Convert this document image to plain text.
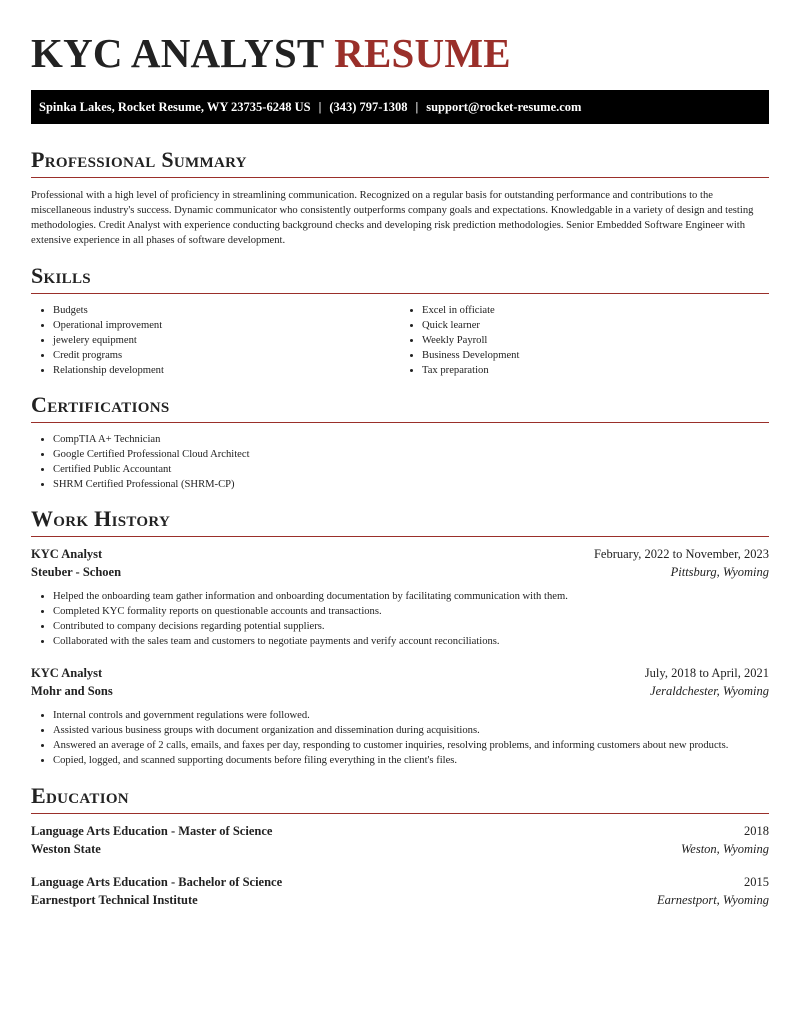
KYC ANALYST RESUME
Spinka Lakes, Rocket Resume, WY 23735-6248 US | (343) 797-1308 | support@rocket-resume.com
Professional Summary

Professional with a high level of proficiency in streamlining communication. Recognized on a regular basis for outstanding performance and contributions to the miscellaneous industry's success. Dynamic communicator who consistently outperforms company goals and expectations. Knowledgable in a variety of design and testing methodologies. Credit Analyst with experience conducting background checks and developing risk prediction methodologies. Senior Embedded Software Engineer with extensive experience in all phases of software development.

Skills
• Budgets
• Operational improvement
• jewelery equipment
• Credit programs
• Relationship development
• Excel in officiate
• Quick learner
• Weekly Payroll
• Business Development
• Tax preparation
Certifications
• CompTIA A+ Technician
• Google Certified Professional Cloud Architect
• Certified Public Accountant
• SHRM Certified Professional (SHRM-CP)
Work History
KYC Analyst	February, 2022 to November, 2023
Steuber - Schoen	Pittsburg, Wyoming
• Helped the onboarding team gather information and onboarding documentation by facilitating communication with them.
• Completed KYC formality reports on questionable accounts and transactions.
• Contributed to company decisions regarding potential suppliers.
• Collaborated with the sales team and customers to negotiate payments and verify account reconciliations.
KYC Analyst	July, 2018 to April, 2021
Mohr and Sons	Jeraldchester, Wyoming
• Internal controls and government regulations were followed.
• Assisted various business groups with document organization and dissemination during acquisitions.
• Answered an average of 2 calls, emails, and faxes per day, responding to customer inquiries, resolving problems, and informing customers about new products.
• Copied, logged, and scanned supporting documents before filing everything in the client's files.
Education
Language Arts Education - Master of Science	2018
Weston State	Weston, Wyoming
Language Arts Education - Bachelor of Science	2015
Earnestport Technical Institute	Earnestport, Wyoming
